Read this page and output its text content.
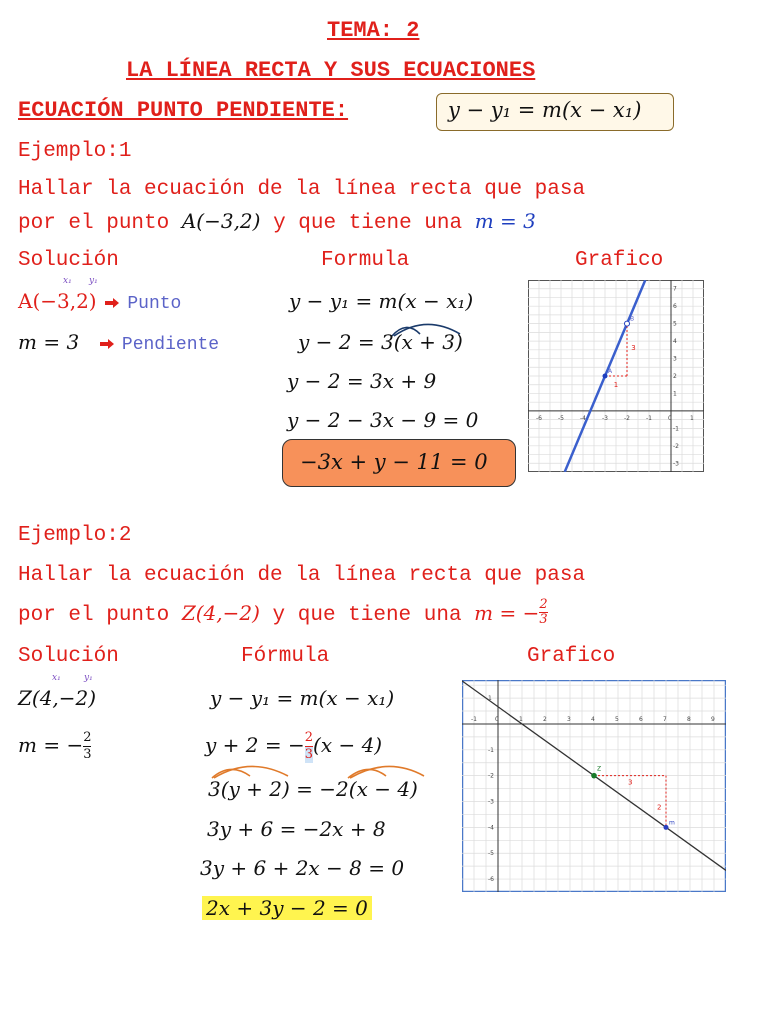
TEMA: 2
LA LÍNEA RECTA Y SUS ECUACIONES
ECUACIÓN PUNTO PENDIENTE:	y − y₁ = m(x − x₁)
Ejemplo:1
Hallar la ecuación de la línea recta que pasa
por el punto A(−3,2) y que tiene una m = 3
Solución	Formula	Grafico
x₁ y₁
A(−3,2) Punto
m = 3 Pendiente
y − y₁ = m(x − x₁)
y − 2 = 3(x + 3)
y − 2 = 3x + 9
y − 2 − 3x − 9 = 0
−3x + y − 11 = 0
-6	-5	-4	-3	-2	-1	0	1
7
6
5
4
3
2
1
-1
-2
-3
3
1
A
B
Ejemplo:2
Hallar la ecuación de la línea recta que pasa
por el punto Z(4,−2) y que tiene una m = − $\frac{2}{3}$
Solución	Fórmula	Grafico
x₁	y₁
Z(4,−2)
m = − $\frac{2}{3}$
y − y₁ = m(x − x₁)
y + 2 = − $\frac{2}{3} (x - 4)$
3(y + 2) = −2(x − 4)
3y + 6 = −2x + 8
3y + 6 + 2x − 8 = 0
2x + 3y − 2 = 0
-1	0	1	2	3	4	5	6	7	8	9
1
-1
-2
-3
-4
-5
-6
3
2
Z
m
